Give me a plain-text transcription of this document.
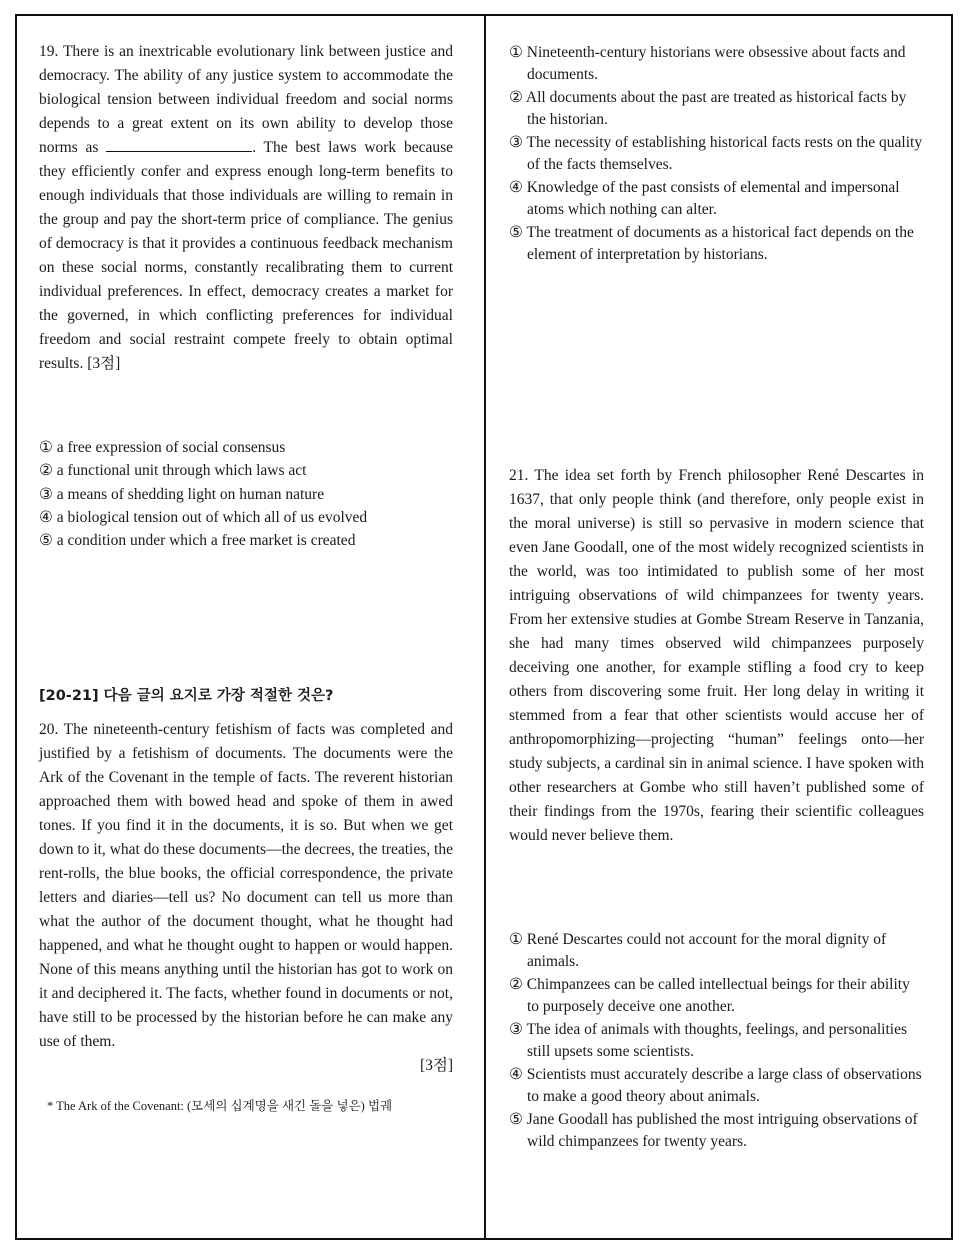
19. There is an inextricable evolutionary link between justice and democracy. The ability of any justice system to accommodate the biological tension between individual freedom and social norms depends to a great extent on its own ability to develop those norms as	. The best laws work because they efficiently confer and express enough long-term benefits to enough individuals that those individuals are willing to remain in the group and pay the short-term price of compliance. The genius of democracy is that it provides a continuous feedback mechanism on these social norms, constantly recalibrating them to current individual preferences. In effect, democracy creates a market for the governed, in which conflicting preferences for individual freedom and social restraint compete freely to obtain optimal results. [3점]

① a free expression of social consensus
② a functional unit through which laws act
③ a means of shedding light on human nature
④ a biological tension out of which all of us evolved
⑤ a condition under which a free market is created
[20-21] 다음 글의 요지로 가장 적절한 것은?

20. The nineteenth-century fetishism of facts was completed and justified by a fetishism of documents. The documents were the Ark of the Covenant in the temple of facts. The reverent historian approached them with bowed head and spoke of them in awed tones. If you find it in the documents, it is so. But when we get down to it, what do these documents—the decrees, the treaties, the rent-rolls, the blue books, the official correspondence, the private letters and diaries—tell us? No document can tell us more than what the author of the document thought, what he thought had happened, and what he thought ought to happen or would happen. None of this means anything until the historian has got to work on it and deciphered it. The facts, whether found in documents or not, have still to be processed by the historian before he can make any use of them.

[3점]
* The Ark of the Covenant: (모세의 십계명을 새긴 돌을 넣은) 법궤
① Nineteenth-century historians were obsessive about facts and documents.
② All documents about the past are treated as historical facts by the historian.
③ The necessity of establishing historical facts rests on the quality of the facts themselves.
④ Knowledge of the past consists of elemental and impersonal atoms which nothing can alter.
⑤ The treatment of documents as a historical fact depends on the element of interpretation by historians.

21. The idea set forth by French philosopher René Descartes in 1637, that only people think (and therefore, only people exist in the moral universe) is still so pervasive in modern science that even Jane Goodall, one of the most widely recognized scientists in the world, was too intimidated to publish some of her most intriguing observations of wild chimpanzees for twenty years. From her extensive studies at Gombe Stream Reserve in Tanzania, she had many times observed wild chimpanzees purposely deceiving one another, for example stifling a food cry to keep others from discovering some fruit. Her long delay in writing it stemmed from a fear that other scientists would accuse her of anthropomorphizing—projecting “human” feelings onto—her study subjects, a cardinal sin in animal science. I have spoken with other researchers at Gombe who still haven’t published some of their findings from the 1970s, fearing their scientific colleagues would never believe them.

① René Descartes could not account for the moral dignity of animals.
② Chimpanzees can be called intellectual beings for their ability to purposely deceive one another.
③ The idea of animals with thoughts, feelings, and personalities still upsets some scientists.
④ Scientists must accurately describe a large class of observations to make a good theory about animals.
⑤ Jane Goodall has published the most intriguing observations of wild chimpanzees for twenty years.
